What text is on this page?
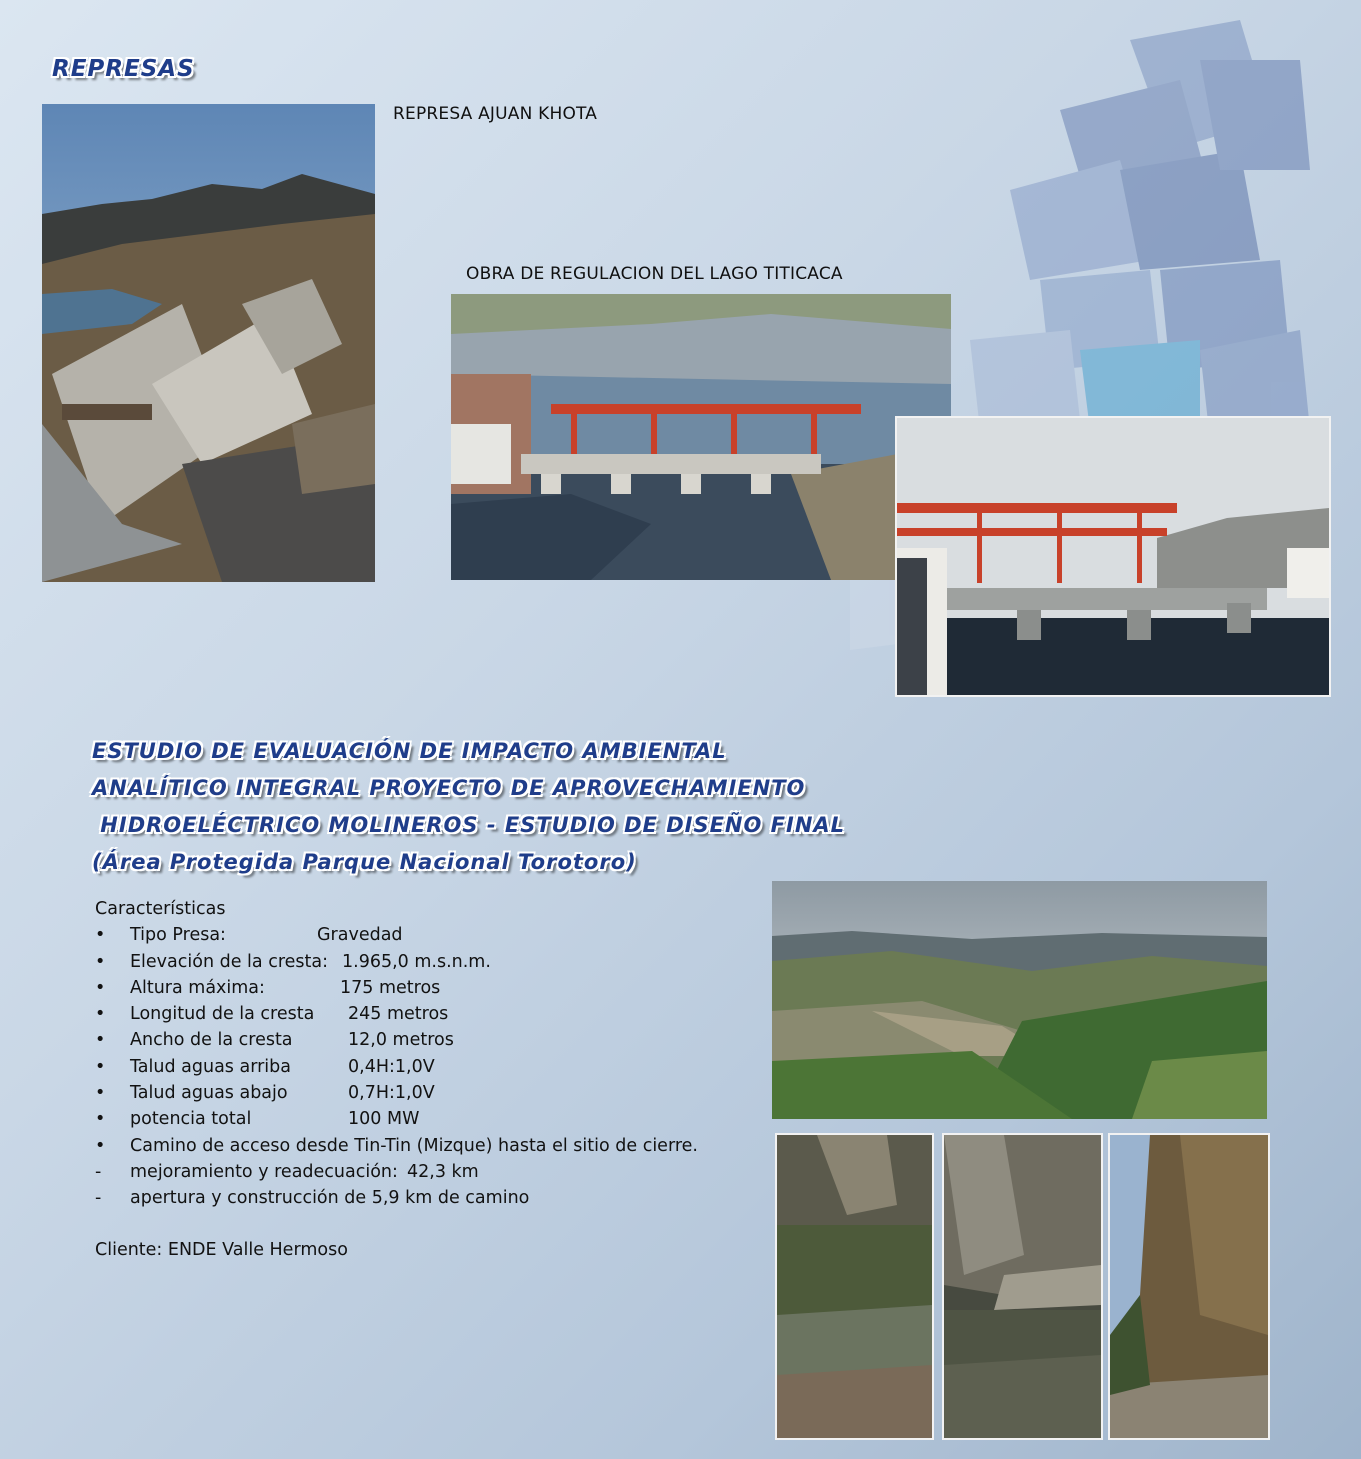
REPRESAS
REPRESA AJUAN KHOTA
OBRA DE REGULACION DEL LAGO TITICACA
ESTUDIO DE EVALUACIÓN DE IMPACTO AMBIENTAL
ANALÍTICO INTEGRAL PROYECTO DE APROVECHAMIENTO
HIDROELÉCTRICO MOLINEROS - ESTUDIO DE DISEÑO FINAL
(Área Protegida Parque Nacional Torotoro)
Características
• Tipo Presa:	Gravedad
• Elevación de la cresta: 1.965,0 m.s.n.m.
• Altura máxima:	175 metros
• Longitud de la cresta 245 metros
• Ancho de la cresta	12,0 metros
• Talud aguas arriba	0,4H:1,0V
• Talud aguas abajo	0,7H:1,0V
• potencia total	100 MW
• Camino de acceso desde Tin-Tin (Mizque) hasta el sitio de cierre.
- mejoramiento y readecuación: 42,3 km
- apertura y construcción de 5,9 km de camino
Cliente: ENDE Valle Hermoso
